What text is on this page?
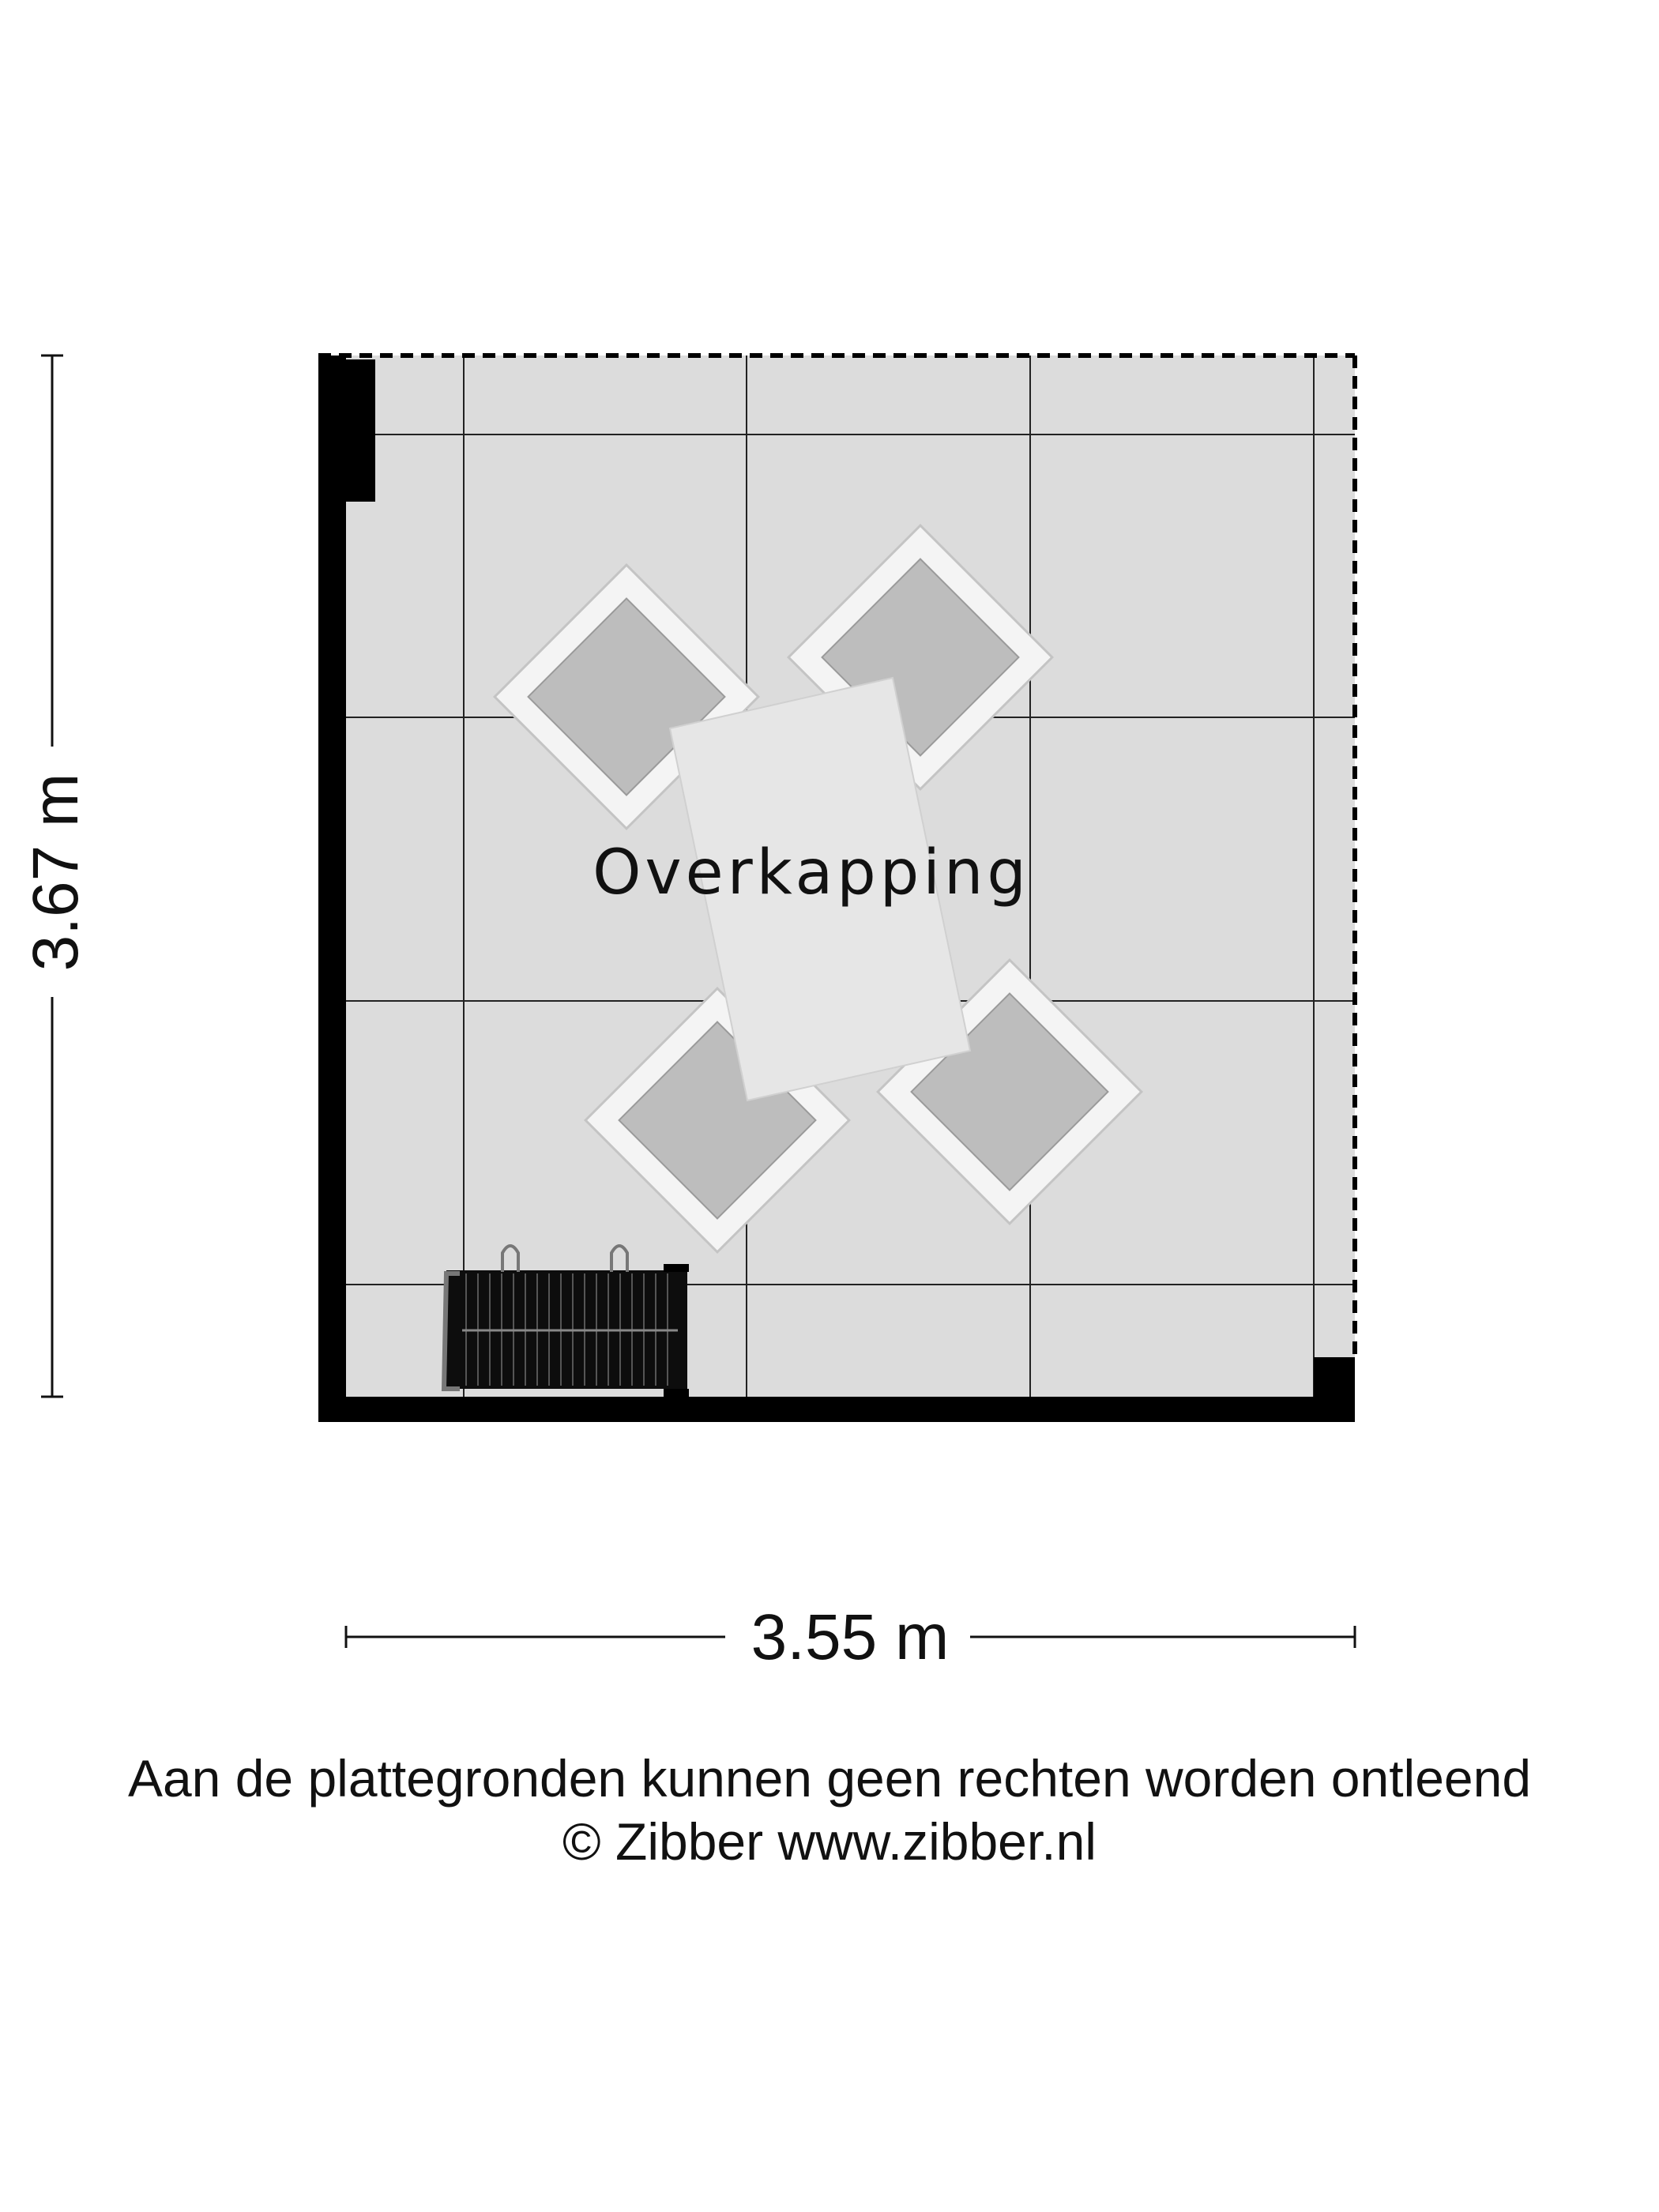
Overkapping
3.67 m
3.55 m
Aan de plattegronden kunnen geen rechten worden ontleend
© Zibber www.zibber.nl
